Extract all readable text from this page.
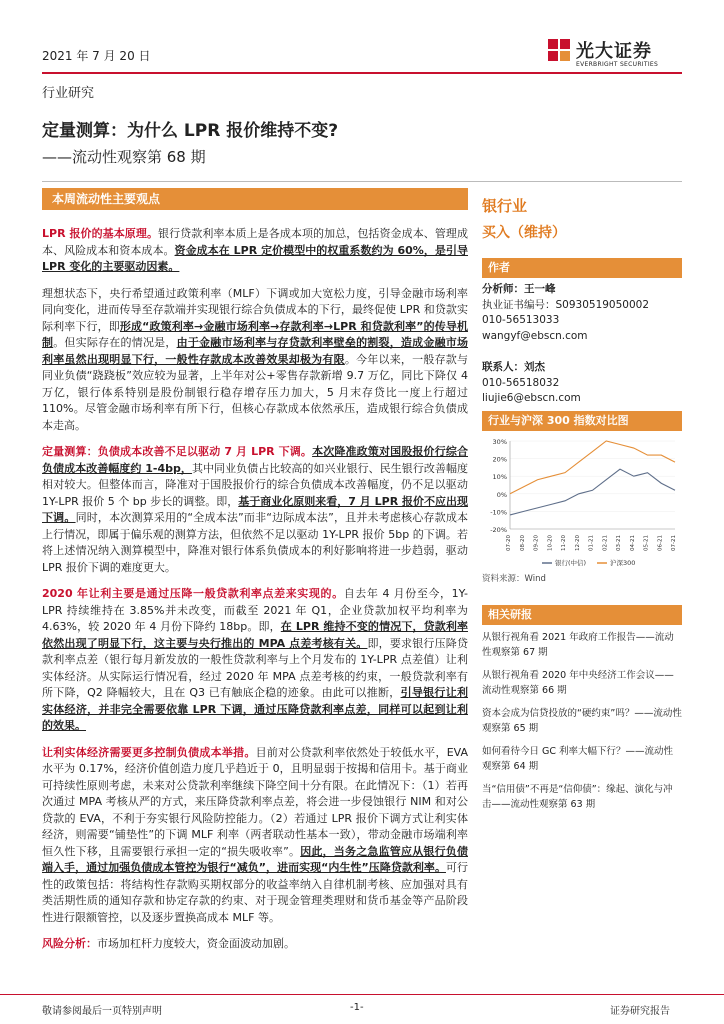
2021 年 7 月 20 日	光大证券
EVERBRIGHT SECURITIES
行业研究
定量测算：为什么 LPR 报价维持不变?
——流动性观察第 68 期
本周流动性主要观点

LPR 报价的基本原理。银行贷款利率本质上是各成本项的加总，包括资金成本、管理成本、风险成本和资本成本。资金成本在 LPR 定价模型中的权重系数约为 60%，是引导 LPR 变化的主要驱动因素。

理想状态下，央行希望通过政策利率（MLF）下调或加大宽松力度，引导金融市场利率同向变化，进而传导至存款端并实现银行综合负债成本的下行，最终促使 LPR 和贷款实际利率下行，即形成“政策利率→金融市场利率→存款利率→LPR 和贷款利率”的传导机制。但实际存在的情况是，由于金融市场利率与存贷款利率壁垒的割裂，造成金融市场利率虽然出现明显下行，一般性存款成本改善效果却极为有限。今年以来，一般存款与同业负债“跷跷板”效应较为显著，上半年对公+零售存款新增 9.7 万亿，同比下降仅 4 万亿，银行体系特别是股份制银行稳存增存压力加大，5 月末存贷比一度上行超过 110%。尽管金融市场利率有所下行，但核心存款成本依然承压，造成银行综合负债成本走高。

定量测算：负债成本改善不足以驱动 7 月 LPR 下调。本次降准政策对国股报价行综合负债成本改善幅度约 1-4bp，其中同业负债占比较高的如兴业银行、民生银行改善幅度相对较大。但整体而言，降准对于国股报价行的综合负债成本改善幅度，仍不足以驱动 1Y-LPR 报价 5 个 bp 步长的调整。即，基于商业化原则来看，7 月 LPR 报价不应出现下调。同时，本次测算采用的“全成本法”而非“边际成本法”，且并未考虑核心存款成本上行情况，即属于偏乐观的测算方法，但依然不足以驱动 1Y-LPR 报价 5bp 的下调。若将上述情况纳入测算模型中，降准对银行体系负债成本的利好影响将进一步趋弱，驱动 LPR 报价下调的难度更大。

2020 年让利主要是通过压降一般贷款利率点差来实现的。自去年 4 月份至今，1Y-LPR 持续维持在 3.85%并未改变，而截至 2021 年 Q1，企业贷款加权平均利率为 4.63%，较 2020 年 4 月份下降约 18bp。即，在 LPR 维持不变的情况下，贷款利率依然出现了明显下行，这主要与央行推出的 MPA 点差考核有关。即，要求银行压降贷款利率点差（银行每月新发放的一般性贷款利率与上个月发布的 1Y-LPR 点差值）让利实体经济。从实际运行情况看，经过 2020 年 MPA 点差考核的约束，一般贷款利率有所下降，Q2 降幅较大，且在 Q3 已有触底企稳的迹象。由此可以推断，引导银行让利实体经济，并非完全需要依靠 LPR 下调，通过压降贷款利率点差，同样可以起到让利的效果。

让利实体经济需要更多控制负债成本举措。目前对公贷款利率依然处于较低水平，EVA 水平为 0.17%，经济价值创造力度几乎趋近于 0，且明显弱于按揭和信用卡。基于商业可持续性原则考虑，未来对公贷款利率继续下降空间十分有限。在此情况下：（1）若再次通过 MPA 考核从严的方式，来压降贷款利率点差，将会进一步侵蚀银行 NIM 和对公贷款的 EVA，不利于夯实银行风险防控能力。（2）若通过 LPR 报价下调方式让利实体经济，则需要“铺垫性”的下调 MLF 利率（两者联动性基本一致），带动金融市场端利率恒久性下移，且需要银行承担一定的“损失吸收率”。因此，当务之急监管应从银行负债端入手，通过加强负债成本管控为银行“减负”，进而实现“内生性”压降贷款利率。可行性的政策包括：将结构性存款购买期权部分的收益率纳入自律机制考核、应加强对具有类活期性质的通知存款和协定存款的约束、对于现金管理类理财和货币基金等产品阶段性进行限额管控，以及逐步置换高成本 MLF 等。

风险分析：市场加杠杆力度较大，资金面波动加剧。

银行业
买入（维持）
作者
分析师：王一峰
执业证书编号：S0930519050002
010-56513033
wangyf@ebscn.com
联系人：刘杰
010-56518032
liujie6@ebscn.com
行业与沪深 300 指数对比图
30%
20%
10%
0%
-10%
-20%
07-20 08-20 09-20 10-20 11-20 12-20 01-21 02-21 03-21 04-21 05-21 06-21 07-21
银行(中信)	沪深300
资料来源：Wind
相关研报
从银行视角看 2021 年政府工作报告——流动性观察第 67 期
从银行视角看 2020 年中央经济工作会议——流动性观察第 66 期
资本会成为信贷投放的“硬约束”吗？——流动性观察第 65 期
如何看待今日 GC 利率大幅下行？——流动性观察第 64 期
当“信用债”不再是“信仰债”：缘起、演化与冲击——流动性观察第 63 期
敬请参阅最后一页特别声明	-1-	证券研究报告
